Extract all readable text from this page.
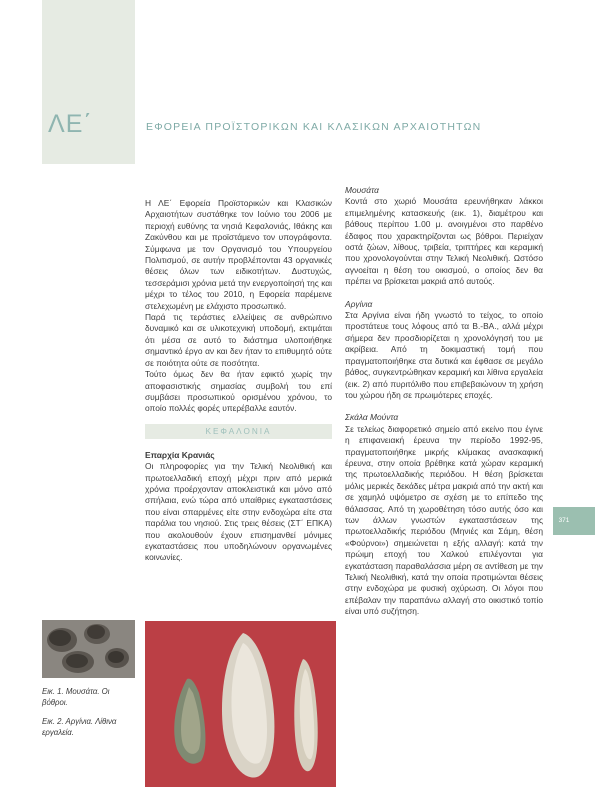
ΛΕ΄	ΕΦΟΡΕΙΑ ΠΡΟΪΣΤΟΡΙΚΩΝ ΚΑΙ ΚΛΑΣΙΚΩΝ ΑΡΧΑΙΟΤΗΤΩΝ

Η ΛΕ΄ Εφορεία Προϊστορικών και Κλασικών Αρχαιοτήτων συστάθηκε τον Ιούνιο του 2006 με περιοχή ευθύνης τα νησιά Κεφαλονιάς, Ιθάκης και Ζακύνθου και με προϊστάμενο τον υπογράφοντα. Σύμφωνα με τον Οργανισμό του Υπουργείου Πολιτισμού, σε αυτήν προβλέπονται 43 οργανικές θέσεις όλων των ειδικοτήτων. Δυστυχώς, τεσσεράμισι χρόνια μετά την ενεργοποίησή της και μέχρι το τέλος του 2010, η Εφορεία παρέμεινε στελεχωμένη με ελάχιστο προσωπικό.

Παρά τις τεράστιες ελλείψεις σε ανθρώπινο δυναμικό και σε υλικοτεχνική υποδομή, εκτιμάται ότι μέσα σε αυτό το διάστημα υλοποιήθηκε σημαντικό έργο αν και δεν ήταν το επιθυμητό ούτε σε ποιότητα ούτε σε ποσότητα.

Τούτο όμως δεν θα ήταν εφικτό χωρίς την αποφασιστικής σημασίας συμβολή του επί συμβάσει προσωπικού ορισμένου χρόνου, το οποίο πολλές φορές υπερέβαλλε εαυτόν.

ΚΕΦΑΛΟΝΙΑ

Επαρχία Κρανιάς

Οι πληροφορίες για την Τελική Νεολιθική και πρωτοελλαδική εποχή μέχρι πριν από μερικά χρόνια προέρχονταν αποκλειστικά και μόνο από σπήλαια, ενώ τώρα από υπαίθριες εγκαταστάσεις που είναι σπαρμένες είτε στην ενδοχώρα είτε στα παράλια του νησιού. Στις τρεις θέσεις (ΣΤ΄ ΕΠΚΑ) που ακολουθούν έχουν επισημανθεί μόνιμες εγκαταστάσεις που υποδηλώνουν οργανωμένες κοινωνίες.

Μουσάτα

Κοντά στο χωριό Μουσάτα ερευνήθηκαν λάκκοι επιμελημένης κατασκευής (εικ. 1), διαμέτρου και βάθους περίπου 1.00 μ. ανοιγμένοι στο παρθένο έδαφος που χαρακτηρίζονται ως βόθροι. Περιείχαν οστά ζώων, λίθους, τριβεία, τριπτήρες και κεραμική που χρονολογούνται στην Τελική Νεολιθική. Ωστόσο αγνοείται η θέση του οικισμού, ο οποίος δεν θα πρέπει να βρίσκεται μακριά από αυτούς.

Αργίνια

Στα Αργίνια είναι ήδη γνωστό το τείχος, το οποίο προστάτευε τους λόφους από τα Β.-ΒΑ., αλλά μέχρι σήμερα δεν προσδιορίζεται η χρονολόγησή του με ακρίβεια. Από τη δοκιμαστική τομή που πραγματοποιήθηκε στα δυτικά και έφθασε σε μεγάλο βάθος, συγκεντρώθηκαν κεραμική και λίθινα εργαλεία (εικ. 2) από πυριτόλιθο που επιβεβαιώνουν τη χρήση του χώρου ήδη σε πρωιμότερες εποχές.

Σκάλα Μούντα

Σε τελείως διαφορετικό σημείο από εκείνο που έγινε η επιφανειακή έρευνα την περίοδο 1992-95, πραγματοποιήθηκε μικρής κλίμακας ανασκαφική έρευνα, στην οποία βρέθηκε κατά χώραν κεραμική της πρωτοελλαδικής περιόδου. Η θέση βρίσκεται μόλις μερικές δεκάδες μέτρα μακριά από την ακτή και σε χαμηλό υψόμετρο σε σχέση με το επίπεδο της θάλασσας. Από τη χωροθέτηση τόσο αυτής όσο και των άλλων γνωστών εγκαταστάσεων της πρωτοελλαδικής περιόδου (Μηνιές και Σάμη, θέση «Φούρνοι») σημειώνεται η εξής αλλαγή: κατά την πρώιμη εποχή του Χαλκού επιλέγονται για εγκατάσταση παραθαλάσσια μέρη σε αντίθεση με την Τελική Νεολιθική, κατά την οποία προτιμώνται θέσεις στην ενδοχώρα με φυσική οχύρωση. Οι λόγοι που επέβαλαν την παραπάνω αλλαγή στο οικιστικό τοπίο είναι υπό συζήτηση.

371
Εικ. 1. Μουσάτα. Οι βόθροι.
Εικ. 2. Αργίνια. Λίθινα εργαλεία.
